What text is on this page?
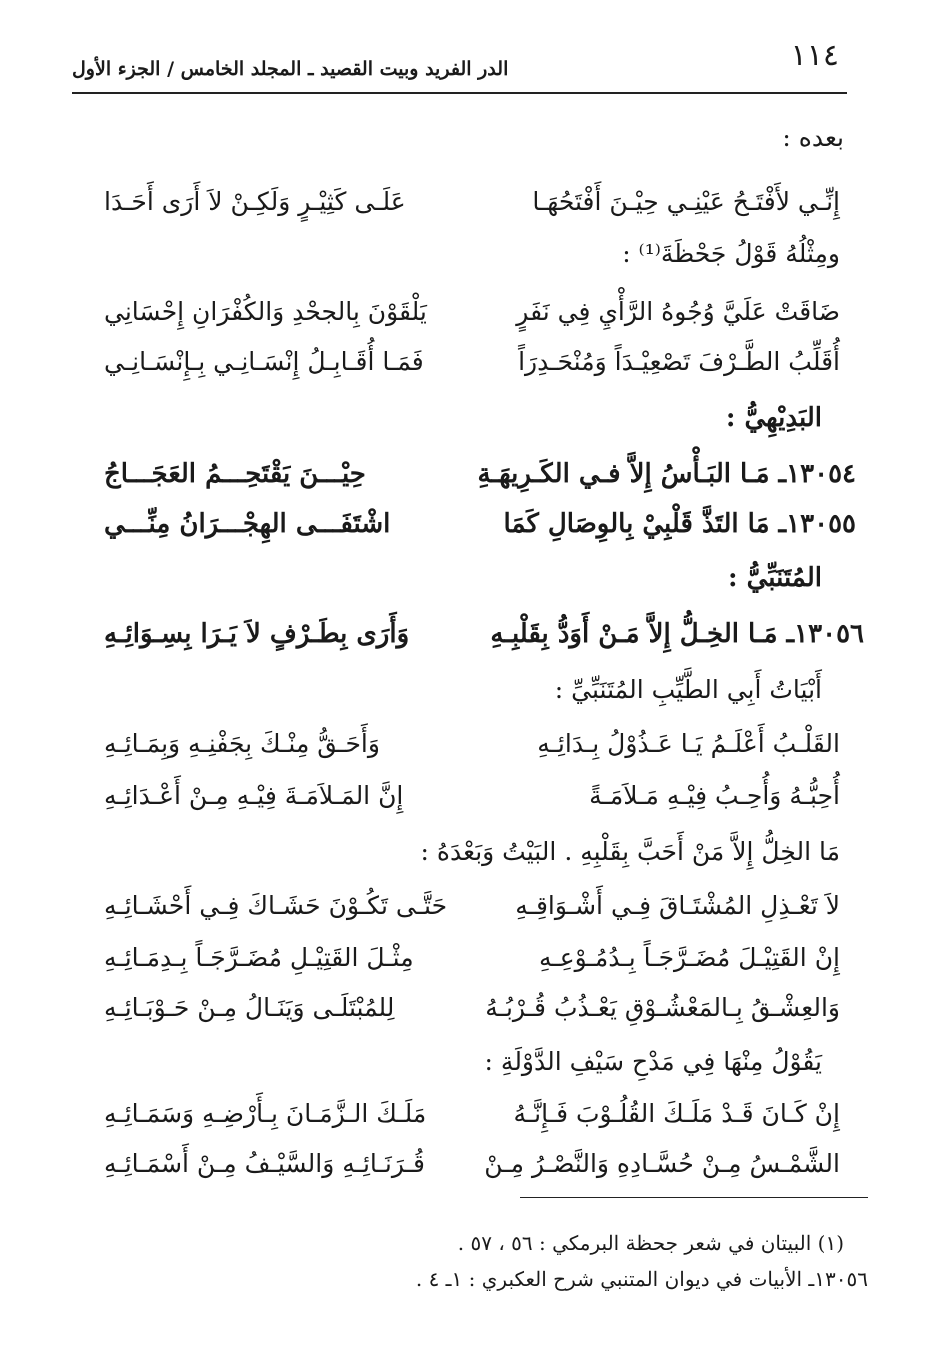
١١٤
الدر الفريد وبيت القصيد ـ المجلد الخامس / الجزء الأول
بعده :
إِنِّـي لأَفْتَـحُ عَيْنِـي حِيْـنَ أَفْتَحُهَـا
عَلَـى كَثِيْـرٍ وَلَكِـنْ لاَ أَرَى أَحَـدَا
ومِثْلُهُ قَوْلُ جَحْظَةَ⁽¹⁾ :
ضَاقَتْ عَلَيَّ وُجُوهُ الرَّأْيِ فِي نَفَرٍ
يَلْقَوْنَ بِالجحْدِ وَالكُفْرَانِ إِحْسَانِي
أُقَلِّبُ الطَّـرْفَ تَصْعِيْـدَاً وَمُنْحَـدِرَاً
فَمَـا أُقَـابِـلُ إِنْسَـانِـي بِـإِنْسَـانِـي
البَدِيْهِيُّ :
١٣٠٥٤ـ مَـا البَـأْسُ إِلاَّ فـي الكَـرِيهَـةِ
حِيْـــنَ يَقْتَحِـــمُ العَجَـــاجُ
١٣٠٥٥ـ مَا التَذَّ قَلْبِيْ بِالوِصَالِ كَمَا
اشْتَفَـــى الهِجْـــرَانُ مِنِّـــي
المُتَنَبِّيُّ :
١٣٠٥٦ـ مَـا الخِـلُّ إِلاَّ مَـنْ أَوَدُّ بِقَلْبِـهِ
وَأَرَى بِطَـرْفٍ لاَ يَـرَا بِسِـوَائِـهِ
أَبْيَاتُ أَبِي الطَّيِّبِ المُتَنَبِّيِّ :
القَلْـبُ أَعْلَـمُ يَـا عَـذُوْلُ بِـدَائِـهِ
وَأَحَـقُّ مِنْـكَ بِجَفْنِـهِ وَبِمَـائِـهِ
أُحِبُّـهُ وَأُحِـبُ فِيْـهِ مَـلاَمَـةً
إِنَّ المَـلاَمَـةَ فِيْـهِ مِـنْ أَعْـدَائِـهِ
مَا الخِلُّ إِلاَّ مَنْ أَحَبَّ بِقَلْبِهِ . البَيْتُ وَبَعْدَهُ :
لاَ تَعْـذِلِ المُشْتَـاقَ فِـي أَشْـوَاقِـهِ
حَتَّـى تَكُـوْنَ حَشَـاكَ فِـي أَحْشَـائِـهِ
إِنْ القَتِيْـلَ مُضَـرَّجَـاً بِـدُمُـوْعِـهِ
مِثْـلَ القَتِيْـلِ مُضَـرَّجَـاً بِـدِمَـائِـهِ
وَالعِشْـقُ بِـالمَعْشُـوْقِ يَعْـذُبُ قُـرْبُـهُ
لِلمُبْتَلَـى وَيَنَـالُ مِـنْ حَـوْبَـائِـهِ
يَقُوْلُ مِنْهَا فِي مَدْحِ سَيْفِ الدَّوْلَةِ :
إِنْ كَـانَ قَـدْ مَلَـكَ القُلُـوْبَ فَـإِنَّـهُ
مَلَـكَ الـزَّمَـانَ بِـأَرْضِـهِ وَسَمَـائِـهِ
الشَّمْـسُ مِـنْ حُسَّـادِهِ وَالنَّصْـرُ مِـنْ
قُـرَنَـائِـهِ وَالسَّيْـفُ مِـنْ أَسْمَـائِـهِ
(١) البيتان في شعر جحظة البرمكي : ٥٦ ، ٥٧ .
١٣٠٥٦ـ الأبيات في ديوان المتنبي شرح العكبري : ١ـ ٤ .
